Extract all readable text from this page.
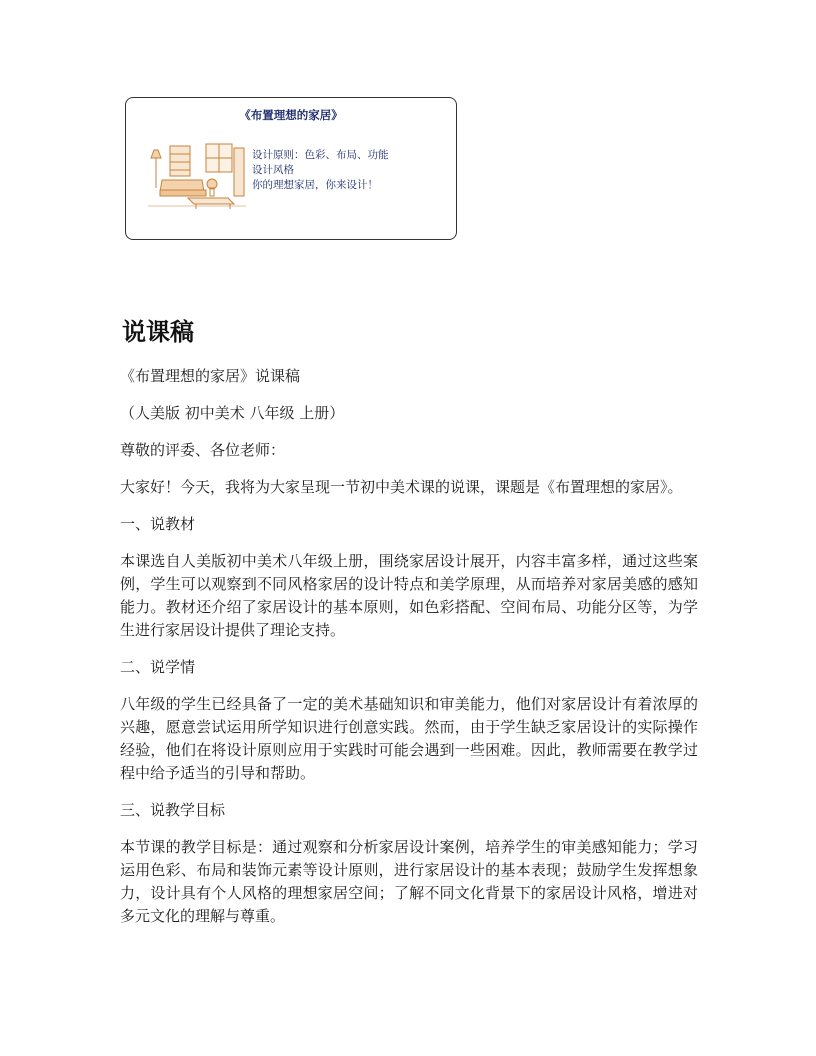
《布置理想的家居》
设计原则：色彩、布局、功能
设计风格
你的理想家居，你来设计！
说课稿

《布置理想的家居》说课稿

（人美版 初中美术 八年级 上册）

尊敬的评委、各位老师：

大家好！今天，我将为大家呈现一节初中美术课的说课，课题是《布置理想的家居》。

一、说教材

本课选自人美版初中美术八年级上册，围绕家居设计展开，内容丰富多样，通过这些案例，学生可以观察到不同风格家居的设计特点和美学原理，从而培养对家居美感的感知能力。教材还介绍了家居设计的基本原则，如色彩搭配、空间布局、功能分区等，为学生进行家居设计提供了理论支持。

二、说学情

八年级的学生已经具备了一定的美术基础知识和审美能力，他们对家居设计有着浓厚的兴趣，愿意尝试运用所学知识进行创意实践。然而，由于学生缺乏家居设计的实际操作经验，他们在将设计原则应用于实践时可能会遇到一些困难。因此，教师需要在教学过程中给予适当的引导和帮助。

三、说教学目标

本节课的教学目标是：通过观察和分析家居设计案例，培养学生的审美感知能力；学习运用色彩、布局和装饰元素等设计原则，进行家居设计的基本表现；鼓励学生发挥想象力，设计具有个人风格的理想家居空间；了解不同文化背景下的家居设计风格，增进对多元文化的理解与尊重。
